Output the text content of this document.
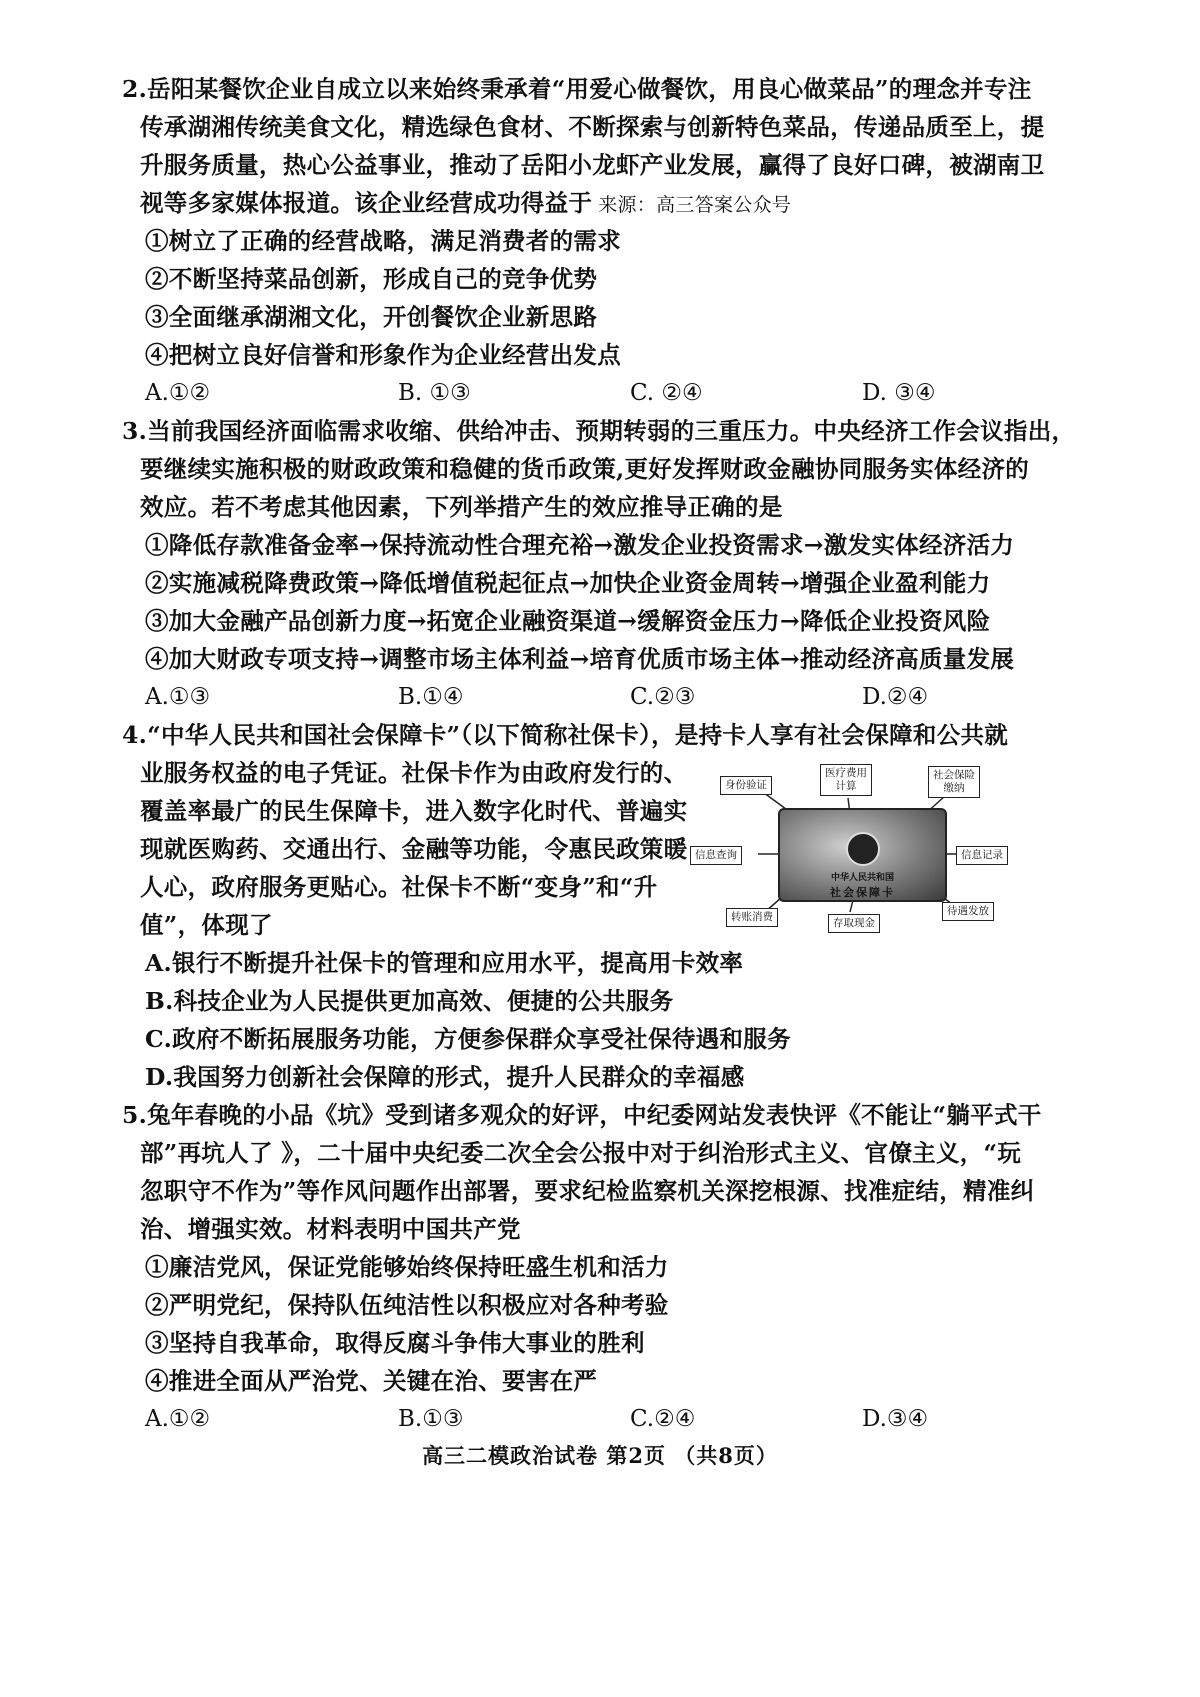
2.岳阳某餐饮企业自成立以来始终秉承着“用爱心做餐饮，用良心做菜品”的理念并专注
传承湖湘传统美食文化，精选绿色食材、不断探索与创新特色菜品，传递品质至上，提
升服务质量，热心公益事业，推动了岳阳小龙虾产业发展，赢得了良好口碑，被湖南卫
视等多家媒体报道。该企业经营成功得益于 来源：高三答案公众号
①树立了正确的经营战略，满足消费者的需求
②不断坚持菜品创新，形成自己的竞争优势
③全面继承湖湘文化，开创餐饮企业新思路
④把树立良好信誉和形象作为企业经营出发点
A.①②	B. ①③	C. ②④	D. ③④
3.当前我国经济面临需求收缩、供给冲击、预期转弱的三重压力。中央经济工作会议指出，
要继续实施积极的财政政策和稳健的货币政策,更好发挥财政金融协同服务实体经济的
效应。若不考虑其他因素，下列举措产生的效应推导正确的是
①降低存款准备金率→保持流动性合理充裕→激发企业投资需求→激发实体经济活力
②实施减税降费政策→降低增值税起征点→加快企业资金周转→增强企业盈利能力
③加大金融产品创新力度→拓宽企业融资渠道→缓解资金压力→降低企业投资风险
④加大财政专项支持→调整市场主体利益→培育优质市场主体→推动经济高质量发展
A.①③	B.①④	C.②③	D.②④
4.“中华人民共和国社会保障卡”（以下简称社保卡），是持卡人享有社会保障和公共就
业服务权益的电子凭证。社保卡作为由政府发行的、
覆盖率最广的民生保障卡，进入数字化时代、普遍实
现就医购药、交通出行、金融等功能，令惠民政策暖
人心，政府服务更贴心。社保卡不断“变身”和“升
值”，体现了
身份验证
医疗费用
计算
社会保险
缴纳
信息查询	信息记录
转账消费	存取现金
待遇发放
中华人民共和国
社会保障卡
A.银行不断提升社保卡的管理和应用水平，提高用卡效率
B.科技企业为人民提供更加高效、便捷的公共服务
C.政府不断拓展服务功能，方便参保群众享受社保待遇和服务
D.我国努力创新社会保障的形式，提升人民群众的幸福感
5.兔年春晚的小品《坑》受到诸多观众的好评，中纪委网站发表快评《不能让“躺平式干
部”再坑人了 》，二十届中央纪委二次全会公报中对于纠治形式主义、官僚主义，“玩
忽职守不作为”等作风问题作出部署，要求纪检监察机关深挖根源、找准症结，精准纠
治、增强实效。材料表明中国共产党
①廉洁党风，保证党能够始终保持旺盛生机和活力
②严明党纪，保持队伍纯洁性以积极应对各种考验
③坚持自我革命，取得反腐斗争伟大事业的胜利
④推进全面从严治党、关键在治、要害在严
A.①②	B.①③	C.②④	D.③④
高三二模政治试卷 第2页 （共8页）
